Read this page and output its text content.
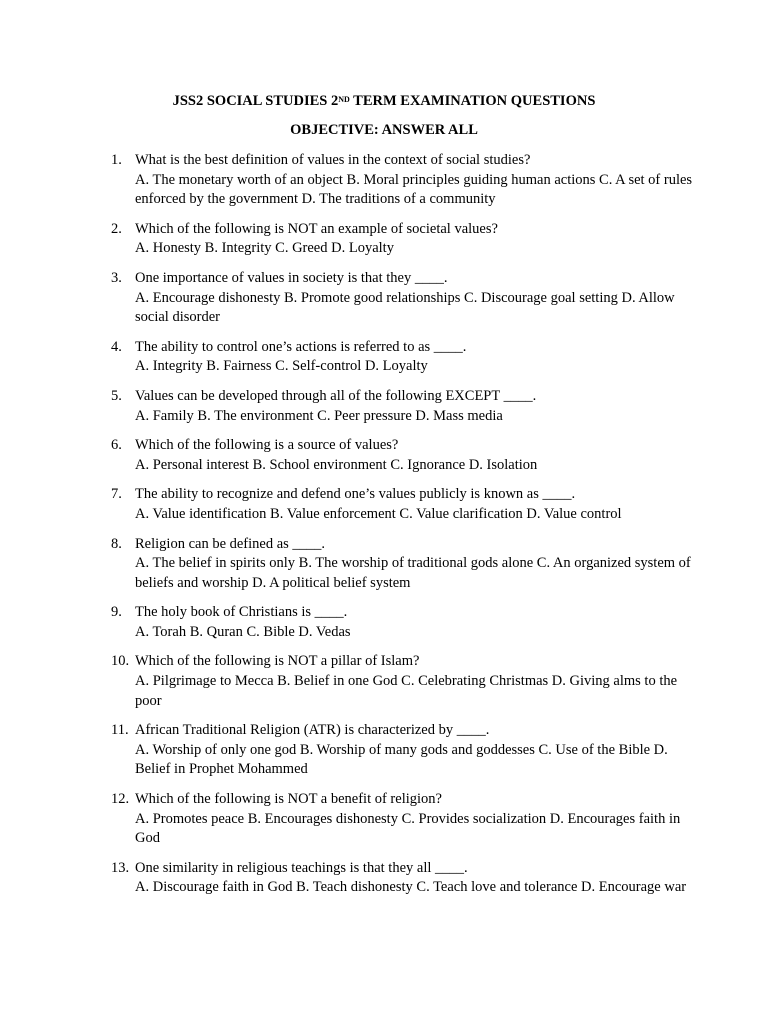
JSS2 SOCIAL STUDIES 2ND TERM EXAMINATION QUESTIONS
OBJECTIVE: ANSWER ALL
1. What is the best definition of values in the context of social studies?
A. The monetary worth of an object B. Moral principles guiding human actions C. A set of rules enforced by the government D. The traditions of a community
2. Which of the following is NOT an example of societal values?
A. Honesty B. Integrity C. Greed D. Loyalty
3. One importance of values in society is that they ____.
A. Encourage dishonesty B. Promote good relationships C. Discourage goal setting D. Allow social disorder
4. The ability to control one’s actions is referred to as ____.
A. Integrity B. Fairness C. Self-control D. Loyalty
5. Values can be developed through all of the following EXCEPT ____.
A. Family B. The environment C. Peer pressure D. Mass media
6. Which of the following is a source of values?
A. Personal interest B. School environment C. Ignorance D. Isolation
7. The ability to recognize and defend one’s values publicly is known as ____.
A. Value identification B. Value enforcement C. Value clarification D. Value control
8. Religion can be defined as ____.
A. The belief in spirits only B. The worship of traditional gods alone C. An organized system of beliefs and worship D. A political belief system
9. The holy book of Christians is ____.
A. Torah B. Quran C. Bible D. Vedas
10. Which of the following is NOT a pillar of Islam?
A. Pilgrimage to Mecca B. Belief in one God C. Celebrating Christmas D. Giving alms to the poor
11. African Traditional Religion (ATR) is characterized by ____.
A. Worship of only one god B. Worship of many gods and goddesses C. Use of the Bible D. Belief in Prophet Mohammed
12. Which of the following is NOT a benefit of religion?
A. Promotes peace B. Encourages dishonesty C. Provides socialization D. Encourages faith in God
13. One similarity in religious teachings is that they all ____.
A. Discourage faith in God B. Teach dishonesty C. Teach love and tolerance D. Encourage war
